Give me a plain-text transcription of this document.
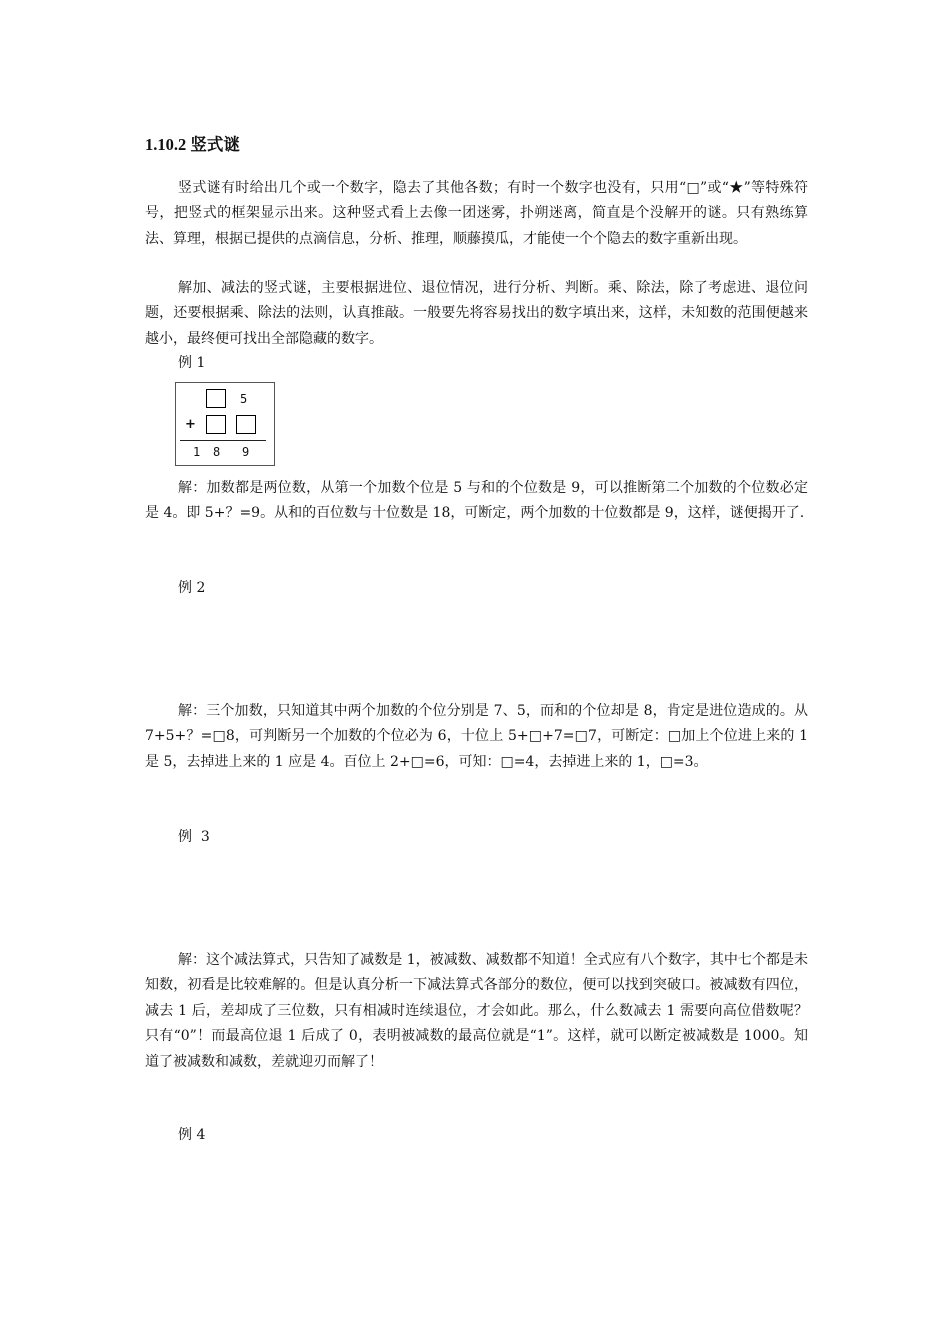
1.10.2 竖式谜

竖式谜有时给出几个或一个数字，隐去了其他各数；有时一个数字也没有，只用“□”或“★”等特殊符号，把竖式的框架显示出来。这种竖式看上去像一团迷雾，扑朔迷离，简直是个没解开的谜。只有熟练算法、算理，根据已提供的点滴信息，分析、推理，顺藤摸瓜，才能使一个个隐去的数字重新出现。

解加、减法的竖式谜，主要根据进位、退位情况，进行分析、判断。乘、除法，除了考虑进、退位问题，还要根据乘、除法的法则，认真推敲。一般要先将容易找出的数字填出来，这样，未知数的范围便越来越小，最终便可找出全部隐藏的数字。

例 1

5
+
1 8 9

解：加数都是两位数，从第一个加数个位是 5 与和的个位数是 9，可以推断第二个加数的个位数必定是 4。即 5+？=9。从和的百位数与十位数是 18，可断定，两个加数的十位数都是 9，这样，谜便揭开了.

例 2

解：三个加数，只知道其中两个加数的个位分别是 7、5，而和的个位却是 8，肯定是进位造成的。从 7+5+？=□8，可判断另一个加数的个位必为 6，十位上 5+□+7=□7，可断定：□加上个位进上来的 1 是 5，去掉进上来的 1 应是 4。百位上 2+□=6，可知：□=4，去掉进上来的 1，□=3。

例  3

解：这个减法算式，只告知了减数是 1，被减数、减数都不知道！全式应有八个数字，其中七个都是未知数，初看是比较难解的。但是认真分析一下减法算式各部分的数位，便可以找到突破口。被减数有四位，减去 1 后，差却成了三位数，只有相减时连续退位，才会如此。那么，什么数减去 1 需要向高位借数呢？只有“0”！而最高位退 1 后成了 0，表明被减数的最高位就是“1”。这样，就可以断定被减数是 1000。知道了被减数和减数，差就迎刃而解了！

例 4
